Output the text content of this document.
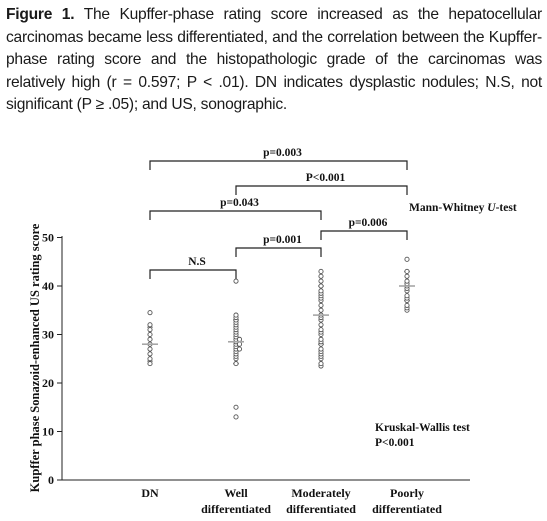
Figure 1. The Kupffer-phase rating score increased as the hepatocellular carcinomas became less differentiated, and the correlation between the Kupffer-phase rating score and the histopathologic grade of the carcinomas was relatively high (r = 0.597; P < .01). DN indicates dysplastic nodules; N.S, not significant (P ≥ .05); and US, sonographic.
0
10
20
30
40
50
Kupffer phase Sonazoid-enhanced US rating score
p=0.003
P<0.001
p=0.043
p=0.006
p=0.001
N.S
DN	Well
differentiated
Moderately
differentiated
Poorly
differentiated
Mann-Whitney U-test
Kruskal-Wallis test
P<0.001
